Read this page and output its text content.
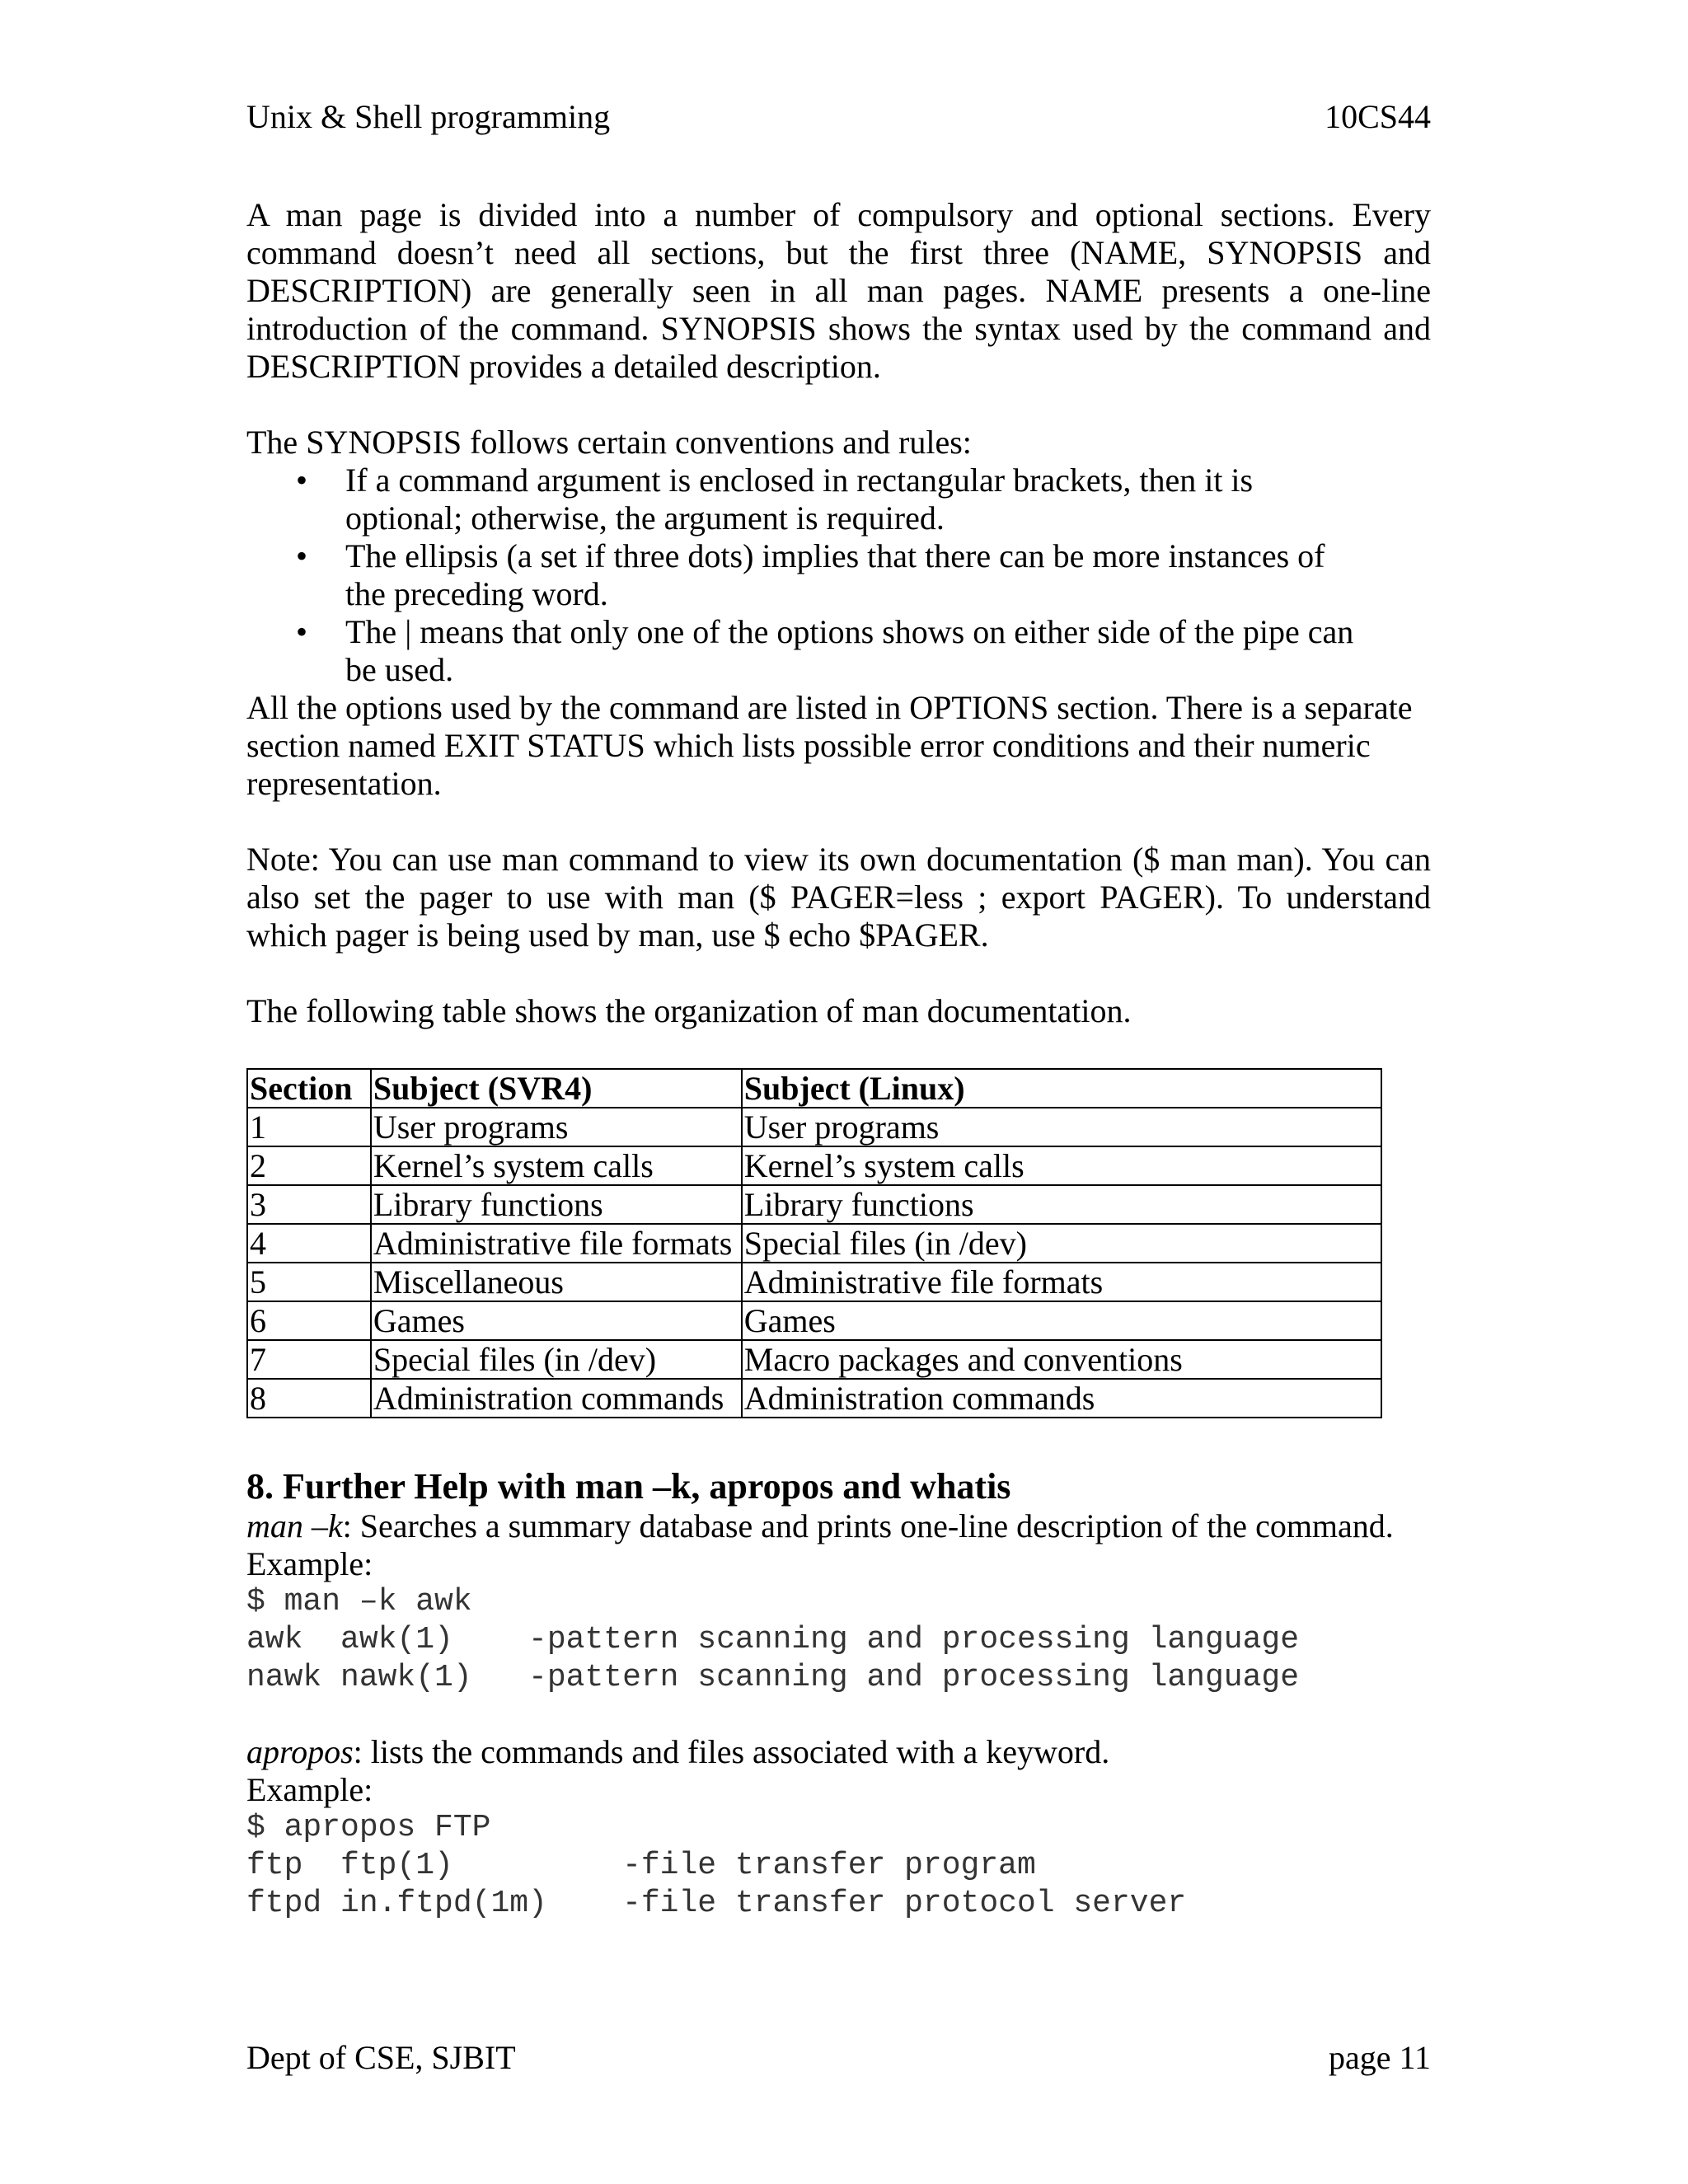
Unix & Shell programming	10CS44

A man page is divided into a number of compulsory and optional sections. Every command doesn’t need all sections, but the first three (NAME, SYNOPSIS and DESCRIPTION) are generally seen in all man pages. NAME presents a one-line introduction of the command. SYNOPSIS shows the syntax used by the command and DESCRIPTION provides a detailed description.

The SYNOPSIS follows certain conventions and rules:

• If a command argument is enclosed in rectangular brackets, then it is optional; otherwise, the argument is required.
• The ellipsis (a set if three dots) implies that there can be more instances of the preceding word.
• The | means that only one of the options shows on either side of the pipe can be used.

All the options used by the command are listed in OPTIONS section. There is a separate section named EXIT STATUS which lists possible error conditions and their numeric representation.

Note: You can use man command to view its own documentation ($ man man). You can also set the pager to use with man ($ PAGER=less ; export PAGER). To understand which pager is being used by man, use $ echo $PAGER.

The following table shows the organization of man documentation.

Section	Subject (SVR4)	Subject (Linux)
1	User programs	User programs
2	Kernel’s system calls	Kernel’s system calls
3	Library functions	Library functions
4	Administrative file formats	Special files (in /dev)
5	Miscellaneous	Administrative file formats
6	Games	Games
7	Special files (in /dev)	Macro packages and conventions
8	Administration commands	Administration commands
8. Further Help with man –k, apropos and whatis

man –k: Searches a summary database and prints one-line description of the command.

Example:

$ man –k awk
awk  awk(1)    -pattern scanning and processing language
nawk nawk(1)   -pattern scanning and processing language

apropos: lists the commands and files associated with a keyword.

Example:

$ apropos FTP
ftp  ftp(1)         -file transfer program
ftpd in.ftpd(1m)    -file transfer protocol server
Dept of CSE, SJBIT	page 11
